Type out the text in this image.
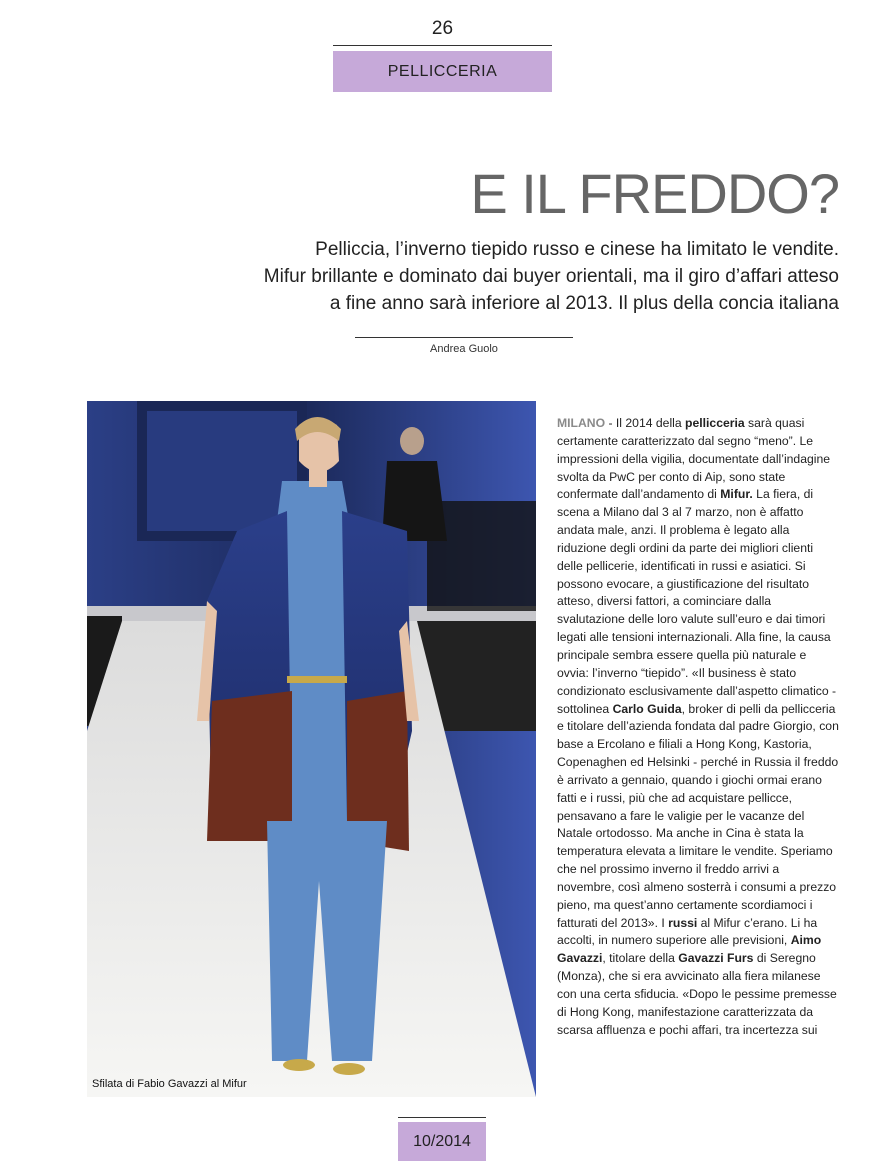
26
PELLICCERIA
E IL FREDDO?
Pelliccia, l’inverno tiepido russo e cinese ha limitato le vendite.
Mifur brillante e dominato dai buyer orientali, ma il giro d’affari atteso
a fine anno sarà inferiore al 2013. Il plus della concia italiana
Andrea Guolo
Sfilata di Fabio Gavazzi al Mifur

MILANO - Il 2014 della pellicceria sarà quasi certamente caratterizzato dal segno “meno”. Le impressioni della vigilia, documentate dall’indagine svolta da PwC per conto di Aip, sono state confermate dall’andamento di Mifur. La fiera, di scena a Milano dal 3 al 7 marzo, non è affatto andata male, anzi. Il problema è legato alla riduzione degli ordini da parte dei migliori clienti delle pellicerie, identificati in russi e asiatici. Si possono evocare, a giustificazione del risultato atteso, diversi fattori, a cominciare dalla svalutazione delle loro valute sull’euro e dai timori legati alle tensioni internazionali. Alla fine, la causa principale sembra essere quella più naturale e ovvia: l’inverno “tiepido”. «Il business è stato condizionato esclusivamente dall’aspetto climatico - sottolinea Carlo Guida, broker di pelli da pellicceria e titolare dell’azienda fondata dal padre Giorgio, con base a Ercolano e filiali a Hong Kong, Kastoria, Copenaghen ed Helsinki - perché in Russia il freddo è arrivato a gennaio, quando i giochi ormai erano fatti e i russi, più che ad acquistare pellicce, pensavano a fare le valigie per le vacanze del Natale ortodosso. Ma anche in Cina è stata la temperatura elevata a limitare le vendite. Speriamo che nel prossimo inverno il freddo arrivi a novembre, così almeno sosterrà i consumi a prezzo pieno, ma quest’anno certamente scordiamoci i fatturati del 2013». I russi al Mifur c’erano. Li ha accolti, in numero superiore alle previsioni, Aimo Gavazzi, titolare della Gavazzi Furs di Seregno (Monza), che si era avvicinato alla fiera milanese con una certa sfiducia. «Dopo le pessime premesse di Hong Kong, manifestazione caratterizzata da scarsa affluenza e pochi affari, tra incertezza sui

10/2014
